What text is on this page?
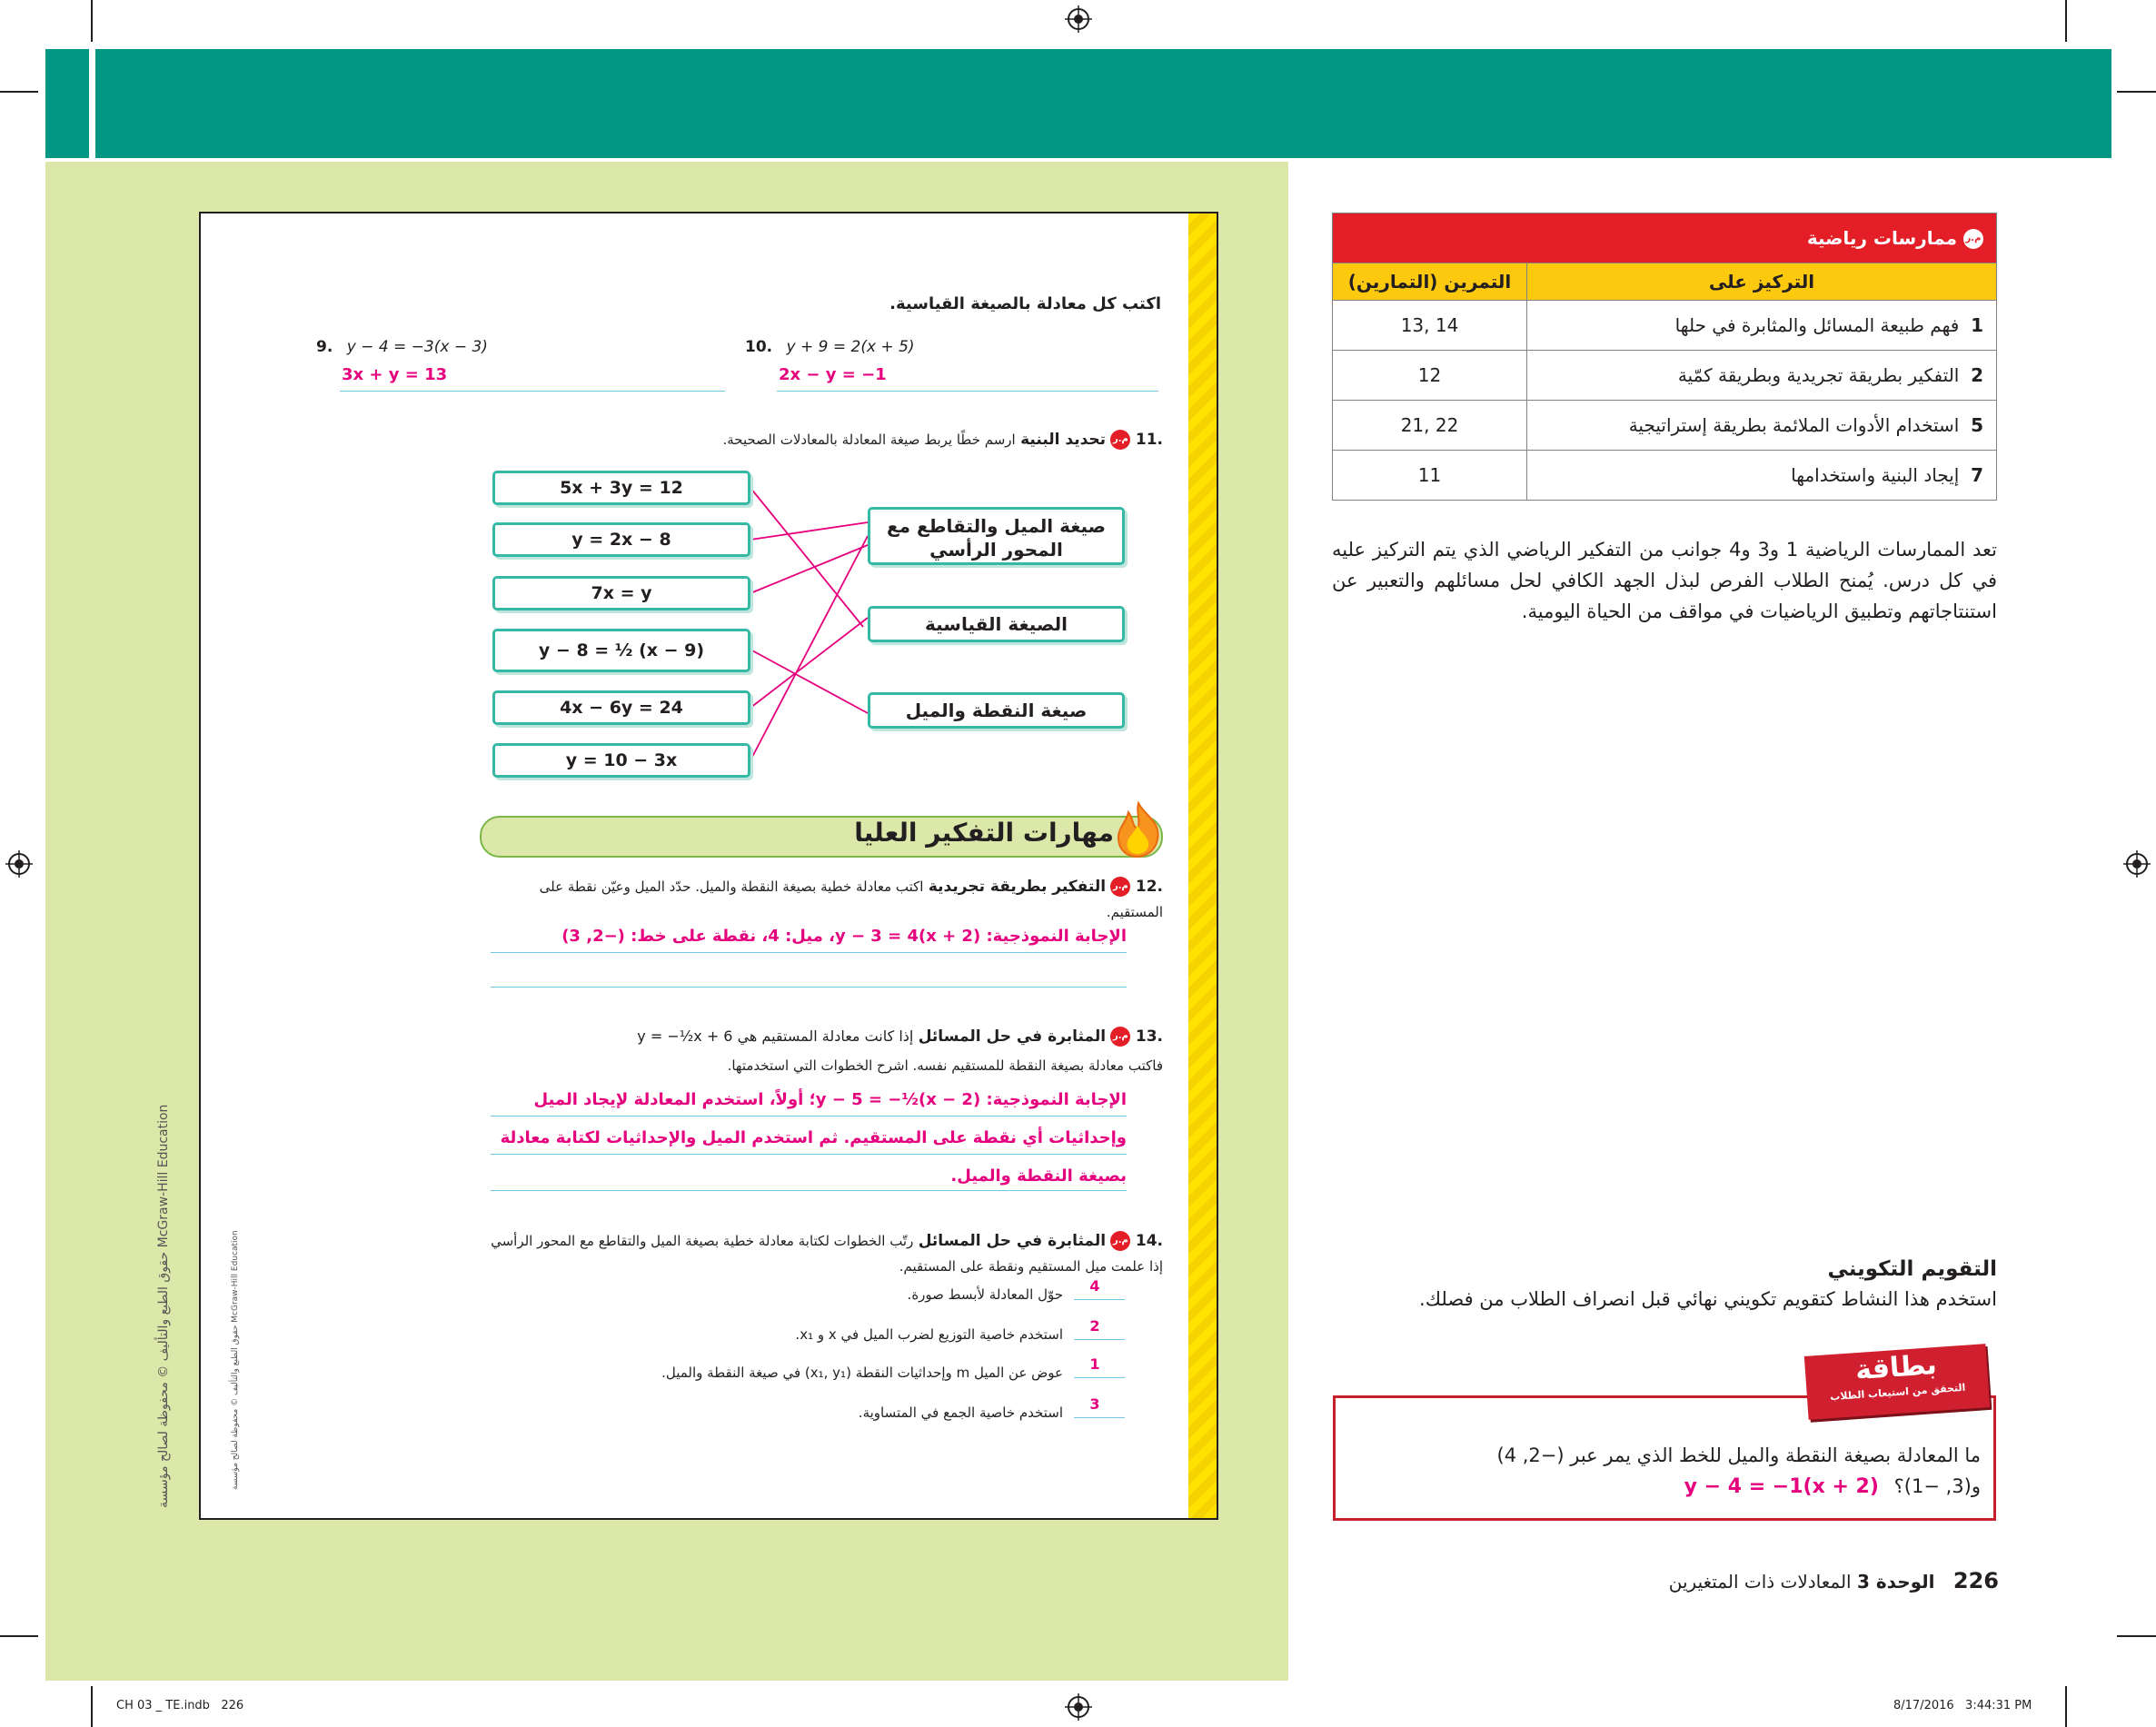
حقوق الطبع والتأليف © محفوظة لصالح مؤسسة McGraw-Hill Education
حقوق الطبع والتأليف © محفوظة لصالح مؤسسة McGraw-Hill Education
اكتب كل معادلة بالصيغة القياسية.
9. y − 4 = −3(x − 3)
3x + y = 13
10. y + 9 = 2(x + 5)
2x − y = −1
.11 م.ر تحديد البنية ارسم خطًا يربط صيغة المعادلة بالمعادلات الصحيحة.
5x + 3y = 12
y = 2x − 8
7x = y
y − 8 = ½ (x − 9)
4x − 6y = 24
y = 10 − 3x
صيغة الميل والتقاطع مع المحور الرأسي
الصيغة القياسية
صيغة النقطة والميل
مهارات التفكير العليا
.12 م.ر التفكير بطريقة تجريدية اكتب معادلة خطية بصيغة النقطة والميل. حدّد الميل وعيّن نقطة على المستقيم.
الإجابة النموذجية: y − 3 = 4(x + 2)، ميل: 4، نقطة على خط: (−2, 3)
.13 م.ر المثابرة في حل المسائل إذا كانت معادلة المستقيم هي y = −½x + 6
فاكتب معادلة بصيغة النقطة للمستقيم نفسه. اشرح الخطوات التي استخدمتها.
الإجابة النموذجية: y − 5 = −½(x − 2)؛ أولاً، استخدم المعادلة لإيجاد الميل
وإحداثيات أي نقطة على المستقيم. ثم استخدم الميل والإحداثيات لكتابة معادلة
بصيغة النقطة والميل.
.14 م.ر المثابرة في حل المسائل رتّب الخطوات لكتابة معادلة خطية بصيغة الميل والتقاطع مع المحور الرأسي إذا علمت ميل المستقيم ونقطة على المستقيم.
4
حوّل المعادلة لأبسط صورة.
2
استخدم خاصية التوزيع لضرب الميل في x و x₁.
1
عوض عن الميل m وإحداثيات النقطة (x₁, y₁) في صيغة النقطة والميل.
3
استخدم خاصية الجمع في المتساوية.
م.ر ممارسات رياضية	
التركيز على	التمرين (التمارين)
1  فهم طبيعة المسائل والمثابرة في حلها	13, 14
2  التفكير بطريقة تجريدية وبطريقة كمّية	12
5  استخدام الأدوات الملائمة بطريقة إستراتيجية	21, 22
7  إيجاد البنية واستخدامها	11
تعد الممارسات الرياضية 1 و3 و4 جوانب من التفكير الرياضي الذي يتم التركيز عليه في كل درس. يُمنح الطلاب الفرص لبذل الجهد الكافي لحل مسائلهم والتعبير عن استنتاجاتهم وتطبيق الرياضيات في مواقف من الحياة اليومية.
التقويم التكويني
استخدم هذا النشاط كتقويم تكويني نهائي قبل انصراف الطلاب من فصلك.
بطاقة
التحقق من استيعاب الطلاب
ما المعادلة بصيغة النقطة والميل للخط الذي يمر عبر (−2, 4)
و(3, −1)؟ y − 4 = −1(x + 2)
226 الوحدة 3 المعادلات ذات المتغيرين
CH 03 _ TE.indb   226	8/17/2016   3:44:31 PM
